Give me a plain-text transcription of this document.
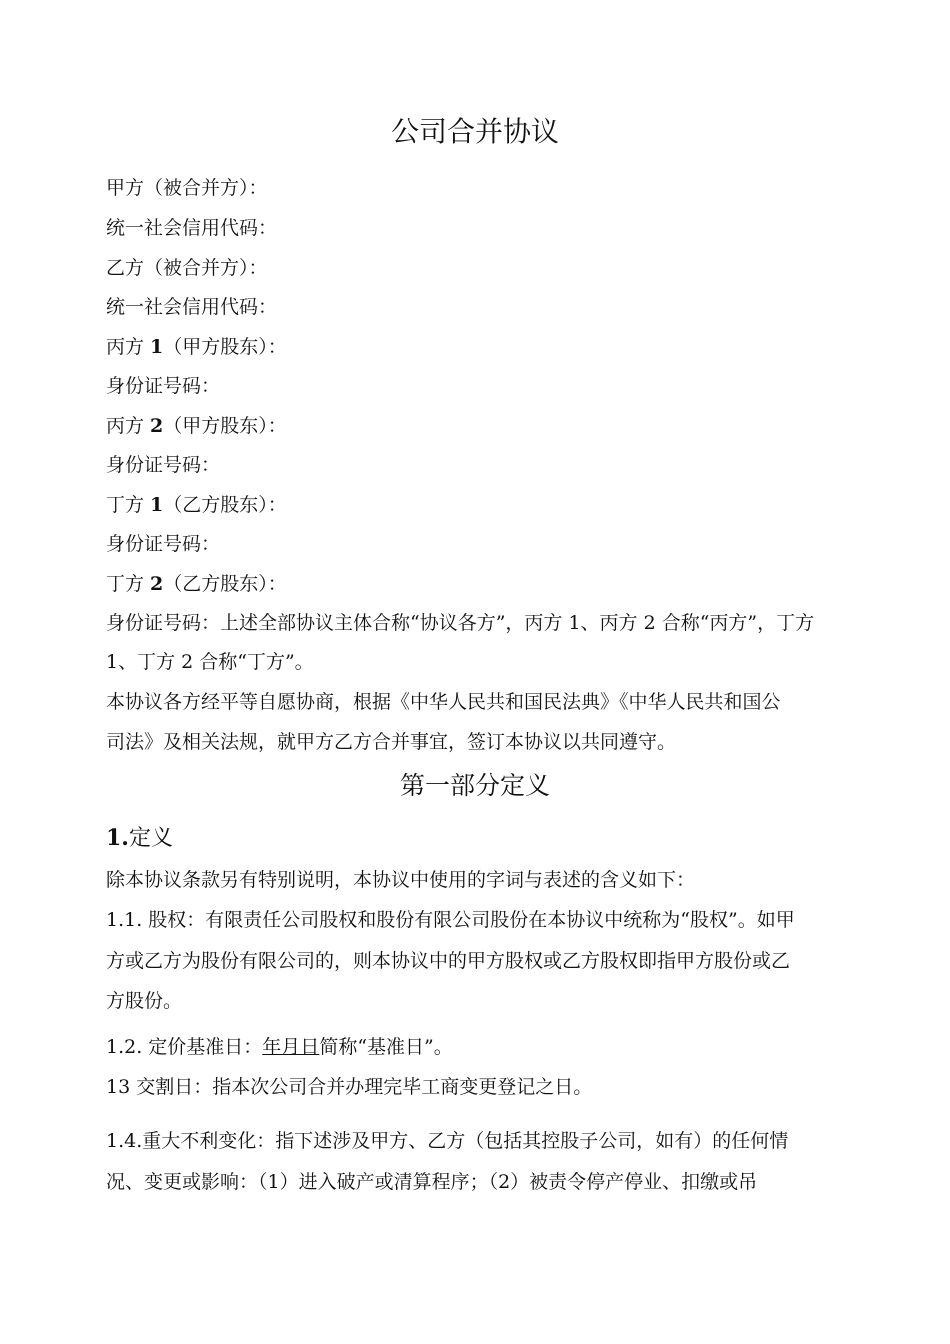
公司合并协议
甲方（被合并方）：
统一社会信用代码：
乙方（被合并方）：
统一社会信用代码：
丙方 1（甲方股东）：
身份证号码：
丙方 2（甲方股东）：
身份证号码：
丁方 1（乙方股东）：
身份证号码：
丁方 2（乙方股东）：
身份证号码：上述全部协议主体合称“协议各方”，丙方 1、丙方 2 合称“丙方”，丁方
1、丁方 2 合称“丁方”。
本协议各方经平等自愿协商，根据《中华人民共和国民法典》《中华人民共和国公
司法》及相关法规，就甲方乙方合并事宜，签订本协议以共同遵守。
第一部分定义
1.定义
除本协议条款另有特别说明，本协议中使用的字词与表述的含义如下：
1.1. 股权：有限责任公司股权和股份有限公司股份在本协议中统称为“股权”。如甲
方或乙方为股份有限公司的，则本协议中的甲方股权或乙方股权即指甲方股份或乙
方股份。
1.2. 定价基准日：年月日简称“基准日”。
13 交割日：指本次公司合并办理完毕工商变更登记之日。
1.4.重大不利变化：指下述涉及甲方、乙方（包括其控股子公司，如有）的任何情
况、变更或影响：（1）进入破产或清算程序；（2）被责令停产停业、扣缴或吊
